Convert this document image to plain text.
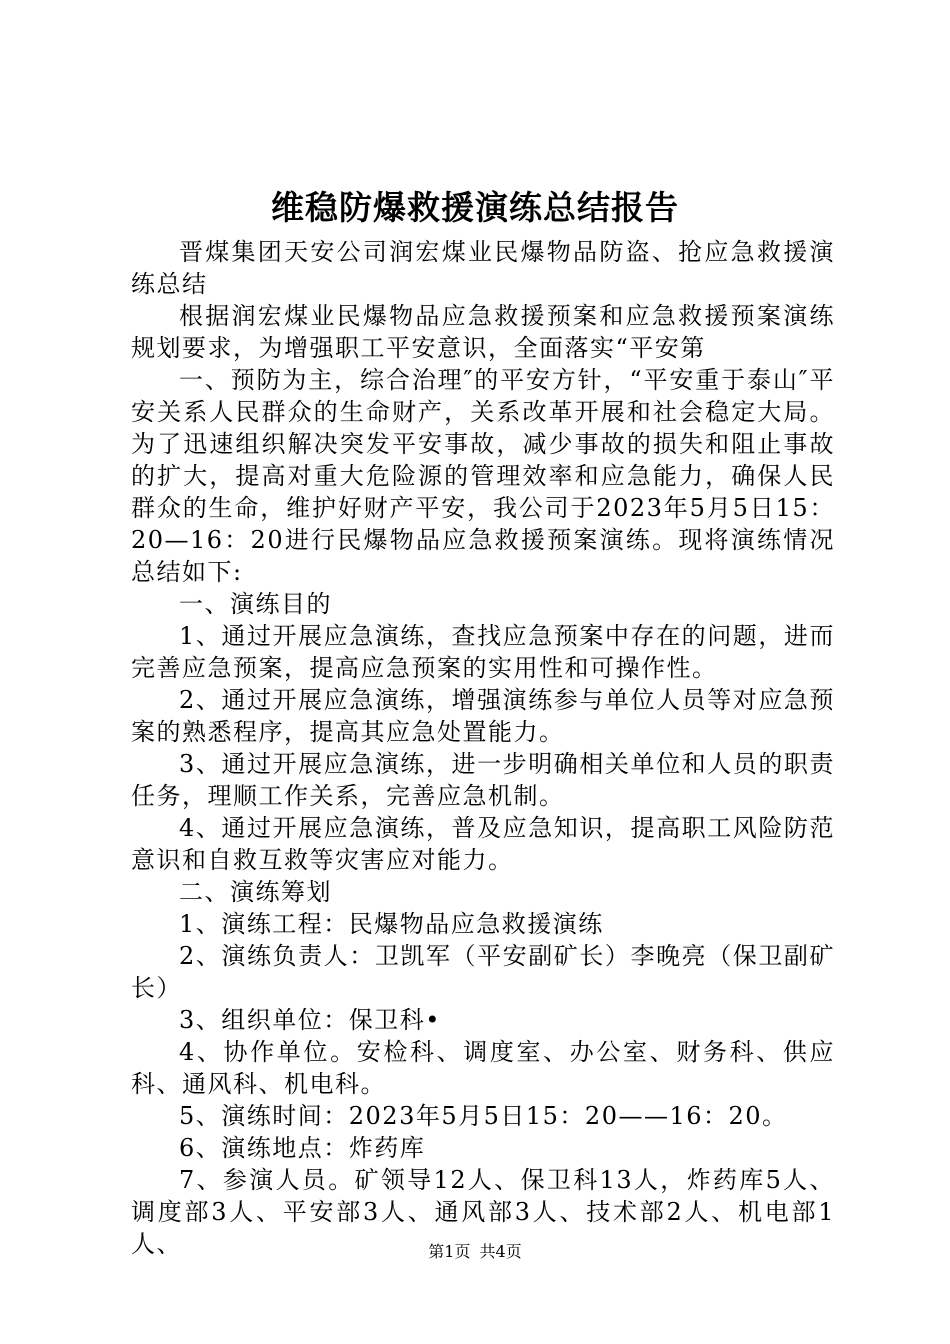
维稳防爆救援演练总结报告

晋煤集团天安公司润宏煤业民爆物品防盗、抢应急救援演练总结

根据润宏煤业民爆物品应急救援预案和应急救援预案演练规划要求，为增强职工平安意识，全面落实“平安第

一、预防为主，综合治理″的平安方针，“平安重于泰山″平安关系人民群众的生命财产，关系改革开展和社会稳定大局。为了迅速组织解决突发平安事故，减少事故的损失和阻止事故的扩大，提高对重大危险源的管理效率和应急能力，确保人民群众的生命，维护好财产平安，我公司于2023年5月5日15：20—16：20进行民爆物品应急救援预案演练。现将演练情况总结如下:

一、演练目的

1、通过开展应急演练，查找应急预案中存在的问题，进而完善应急预案，提高应急预案的实用性和可操作性。

2、通过开展应急演练，增强演练参与单位人员等对应急预案的熟悉程序，提高其应急处置能力。

3、通过开展应急演练，进一步明确相关单位和人员的职责任务，理顺工作关系，完善应急机制。

4、通过开展应急演练，普及应急知识，提高职工风险防范意识和自救互救等灾害应对能力。

二、演练筹划

1、演练工程：民爆物品应急救援演练

2、演练负责人：卫凯军（平安副矿长）李晚亮（保卫副矿长）

3、组织单位：保卫科•

4、协作单位。安检科、调度室、办公室、财务科、供应科、通风科、机电科。

5、演练时间：2023年5月5日15：20——16：20。

6、演练地点：炸药库

7、参演人员。矿领导12人、保卫科13人，炸药库5人、调度部3人、平安部3人、通风部3人、技术部2人、机电部1人、	第1页 共4页
